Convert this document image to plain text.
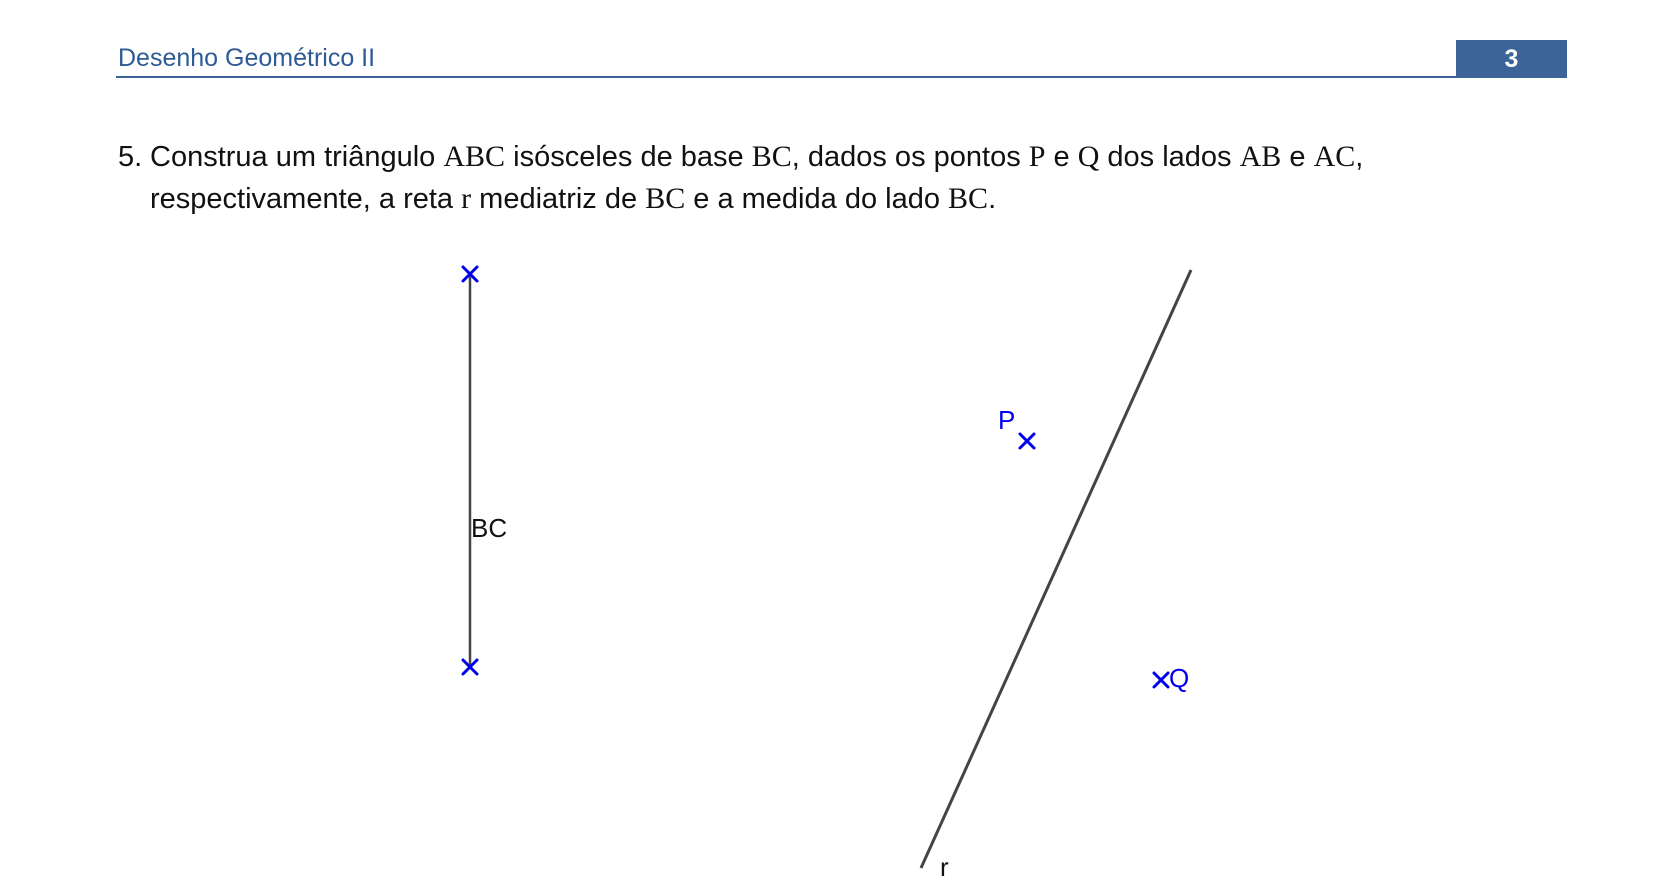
Desenho Geométrico II	3
5. Construa um triângulo ABC isósceles de base BC, dados os pontos P e Q dos lados AB e AC,
respectivamente, a reta r mediatriz de BC e a medida do lado BC.
BC
r
P
Q
